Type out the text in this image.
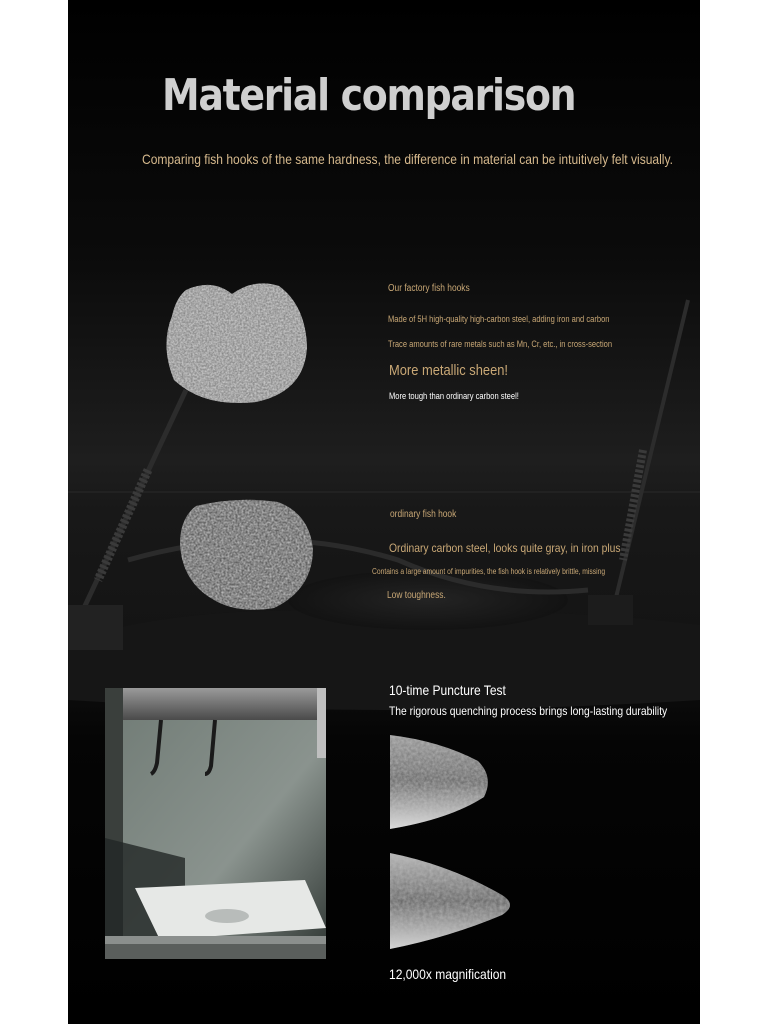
Material comparison
Comparing fish hooks of the same hardness, the difference in material can be intuitively felt visually.
Our factory fish hooks
Made of 5H high-quality high-carbon steel, adding iron and carbon
Trace amounts of rare metals such as Mn, Cr, etc., in cross-section
More metallic sheen!
More tough than ordinary carbon steel!
ordinary fish hook
Ordinary carbon steel, looks quite gray, in iron plus
Contains a large amount of impurities, the fish hook is relatively brittle, missing
Low toughness.
10-time Puncture Test
The rigorous quenching process brings long-lasting durability
12,000x magnification
